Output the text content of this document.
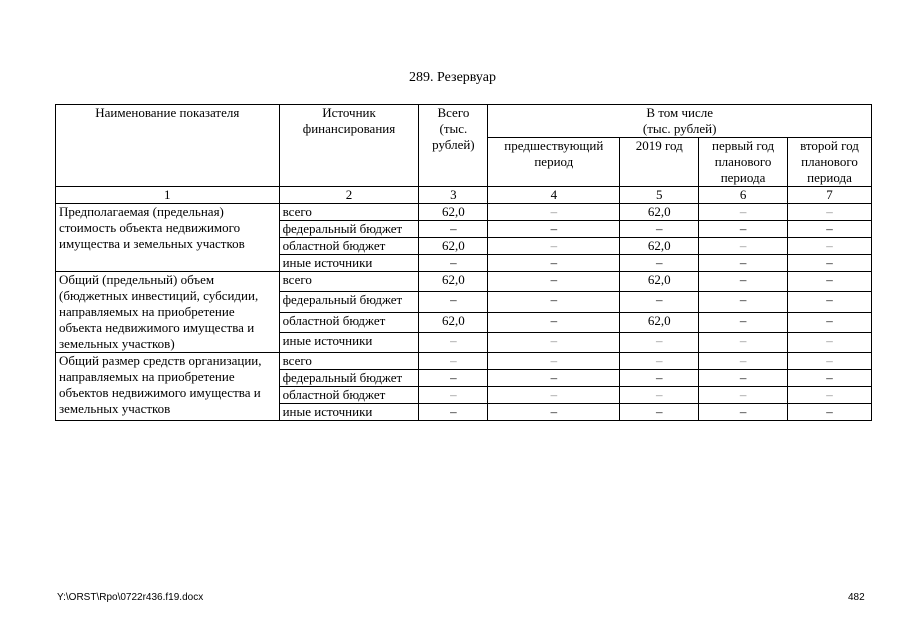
289. Резервуар
Наименование показателя	Источник финансирования	Всего (тыс. рублей)	В том числе
(тыс. рублей)			
			предшествующий период	2019 год	первый год планового периода	второй год планового периода
1	2	3	4	5	6	7
Предполагаемая (предельная) стоимость объекта недвижимого имущества и земельных участков	всего	62,0	–	62,0	–	–
	федеральный бюджет	–	–	–	–	–
	областной бюджет	62,0	–	62,0	–	–
	иные источники	–	–	–	–	–
Общий (предельный) объем (бюджетных инвестиций, субсидии, направляемых на приобретение объекта недвижимого имущества и земельных участков)	всего	62,0	–	62,0	–	–
	федеральный бюджет	–	–	–	–	–
	областной бюджет	62,0	–	62,0	–	–
	иные источники	–	–	–	–	–
Общий размер средств организации, направляемых на приобретение объектов недвижимого имущества и земельных участков	всего	–	–	–	–	–
	федеральный бюджет	–	–	–	–	–
	областной бюджет	–	–	–	–	–
	иные источники	–	–	–	–	–
Y:\ORST\Rpo\0722r436.f19.docx	482
